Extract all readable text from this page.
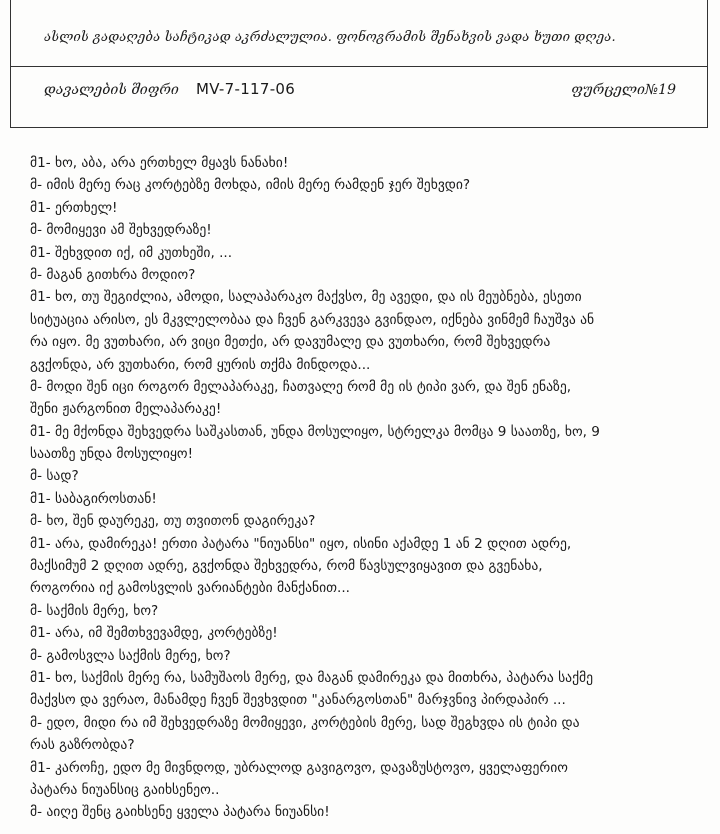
ასლის გადაღება საჩტიკად აკრძალულია. ფონოგრამის შენახვის ვადა ხუთი დღეა.
დავალების შიფრი MV-7-117-06	ფურცელი№19
მ1- ხო, აბა, არა ერთხელ მყავს ნანახი!
მ- იმის მერე რაც კორტებზე მოხდა, იმის მერე რამდენ ჯერ შეხვდი?
მ1- ერთხელ!
მ- მომიყევი ამ შეხვედრაზე!
მ1- შეხვდით იქ, იმ კუთხეში, ...
მ- მაგან გითხრა მოდიო?
მ1- ხო, თუ შეგიძლია, ამოდი, სალაპარაკო მაქვსო, მე ავედი, და ის მეუბნება, ესეთი
სიტუაცია არისო, ეს მკვლელობაა და ჩვენ გარკვევა გვინდაო, იქნება ვინმემ ჩაუშვა ან
რა იყო. მე ვუთხარი, არ ვიცი მეთქი, არ დავუმალე და ვუთხარი, რომ შეხვედრა
გვქონდა, არ ვუთხარი, რომ ყურის თქმა მინდოდა...
მ- მოდი შენ იცი როგორ მელაპარაკე, ჩათვალე რომ მე ის ტიპი ვარ, და შენ ენაზე,
შენი ჟარგონით მელაპარაკე!
მ1- მე მქონდა შეხვედრა საშკასთან, უნდა მოსულიყო, სტრელკა მომცა 9 საათზე, ხო, 9
საათზე უნდა მოსულიყო!
მ- სად?
მ1- საბაგიროსთან!
მ- ხო, შენ დაურეკე, თუ თვითონ დაგირეკა?
მ1- არა, დამირეკა! ერთი პატარა "ნიუანსი" იყო, ისინი აქამდე 1 ან 2 დღით ადრე,
მაქსიმუმ 2 დღით ადრე, გვქონდა შეხვედრა, რომ წავსულვიყავით და გვენახა,
როგორია იქ გამოსვლის ვარიანტები მანქანით...
მ- საქმის მერე, ხო?
მ1- არა, იმ შემთხვევამდე, კორტებზე!
მ- გამოსვლა საქმის მერე, ხო?
მ1- ხო, საქმის მერე რა, სამუშაოს მერე, და მაგან დამირეკა და მითხრა, პატარა საქმე
მაქვსო და ვერაო, მანამდე ჩვენ შევხვდით "კანარგოსთან" მარჯვნივ პირდაპირ ...
მ- ედო, მიდი რა იმ შეხვედრაზე მომიყევი, კორტების მერე, სად შეგხვდა ის ტიპი და
რას გაზრობდა?
მ1- კაროჩე, ედო მე მივნდოდ, უბრალოდ გავიგოვო, დავაზუსტოვო, ყველაფერიო
პატარა ნიუანსიც გაიხსენეო..
მ- აიღე შენც გაიხსენე ყველა პატარა ნიუანსი!
